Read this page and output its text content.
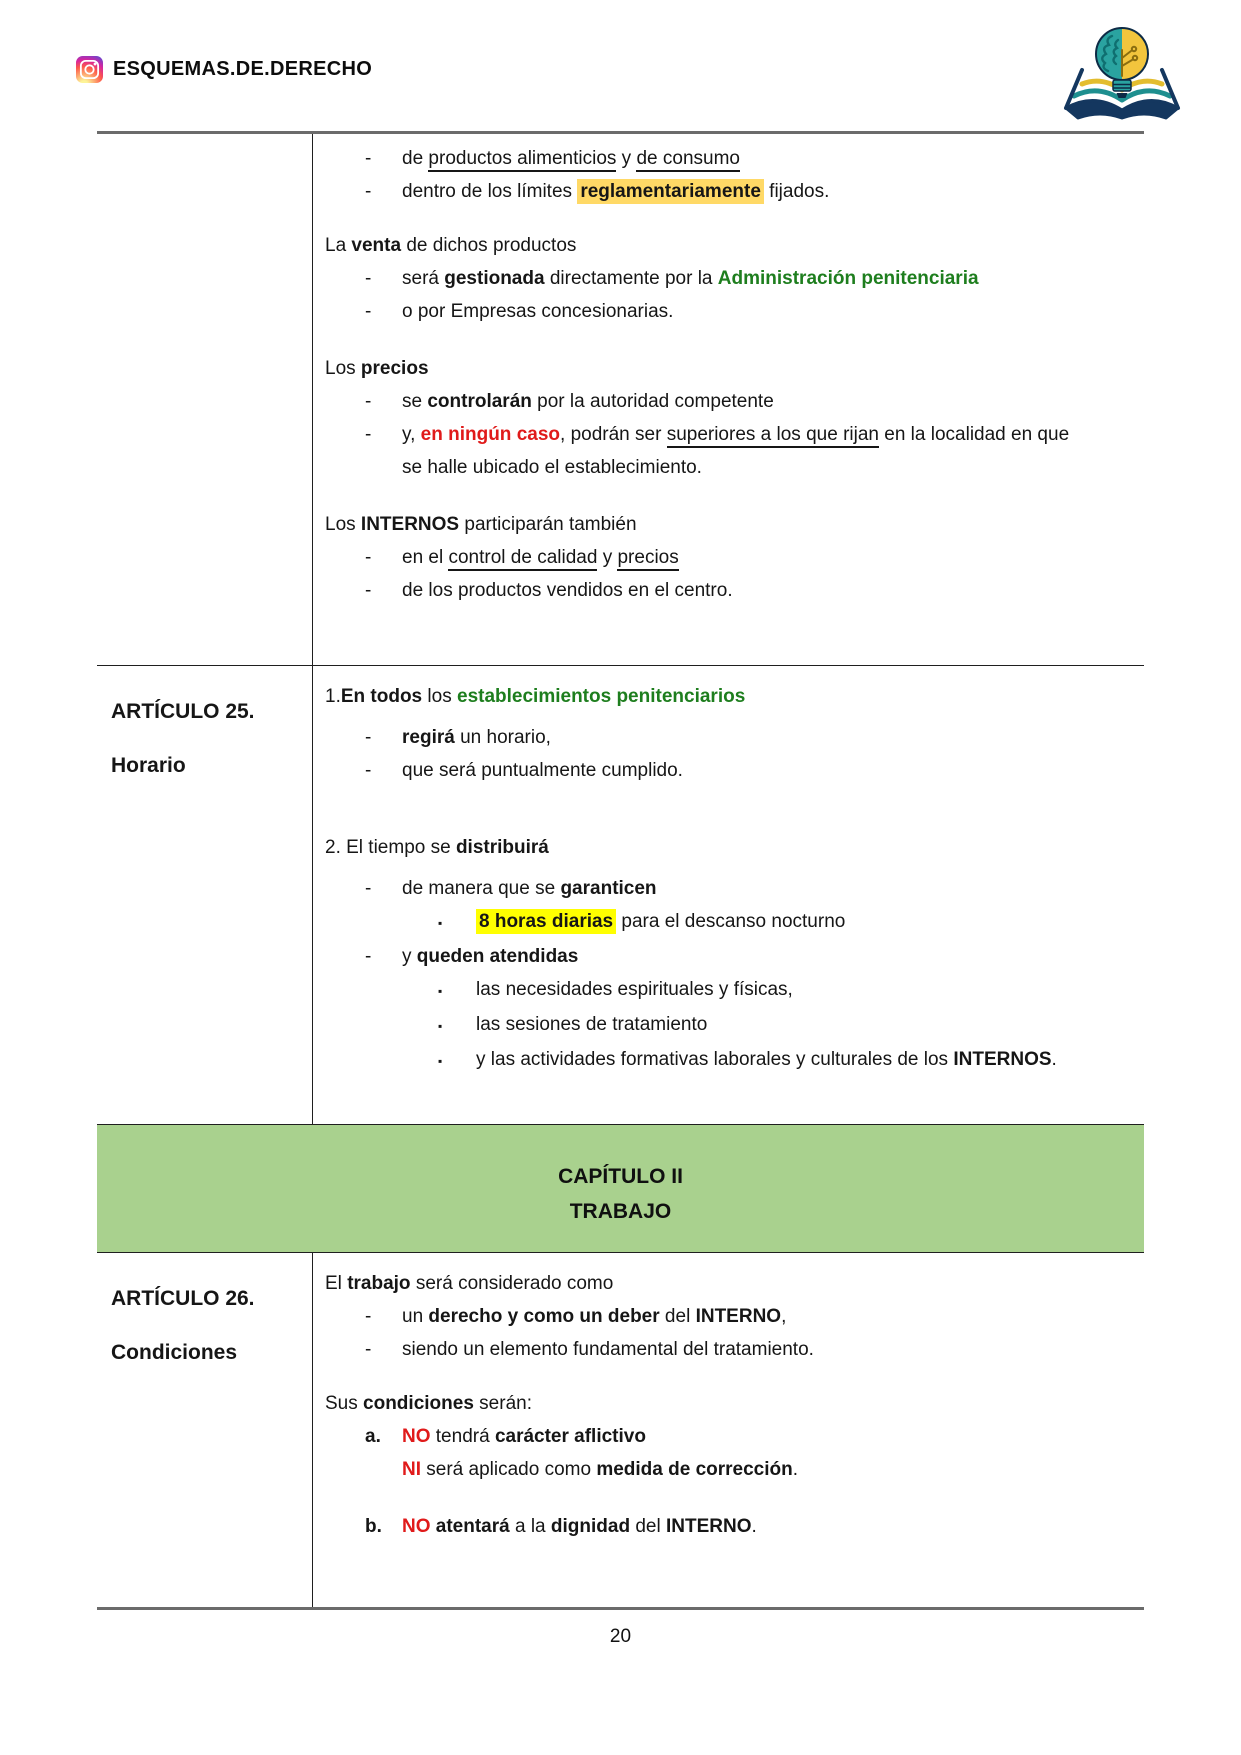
ESQUEMAS.DE.DERECHO
- de productos alimenticios y de consumo
- dentro de los límites reglamentariamente fijados.
La venta de dichos productos
- será gestionada directamente por la Administración penitenciaria
- o por Empresas concesionarias.
Los precios
- se controlarán por la autoridad competente
- y, en ningún caso, podrán ser superiores a los que rijan en la localidad en que
se halle ubicado el establecimiento.
Los INTERNOS participarán también
- en el control de calidad y precios
- de los productos vendidos en el centro.
ARTÍCULO 25.
Horario
1.En todos los establecimientos penitenciarios
- regirá un horario,
- que será puntualmente cumplido.
2. El tiempo se distribuirá
- de manera que se garanticen
▪ 8 horas diarias para el descanso nocturno
- y queden atendidas
▪ las necesidades espirituales y físicas,
▪ las sesiones de tratamiento
▪ y las actividades formativas laborales y culturales de los INTERNOS.
CAPÍTULO II
TRABAJO
ARTÍCULO 26.
Condiciones
El trabajo será considerado como
- un derecho y como un deber del INTERNO,
- siendo un elemento fundamental del tratamiento.
Sus condiciones serán:
a. NO tendrá carácter aflictivo
NI será aplicado como medida de corrección.
b. NO atentará a la dignidad del INTERNO.
20
